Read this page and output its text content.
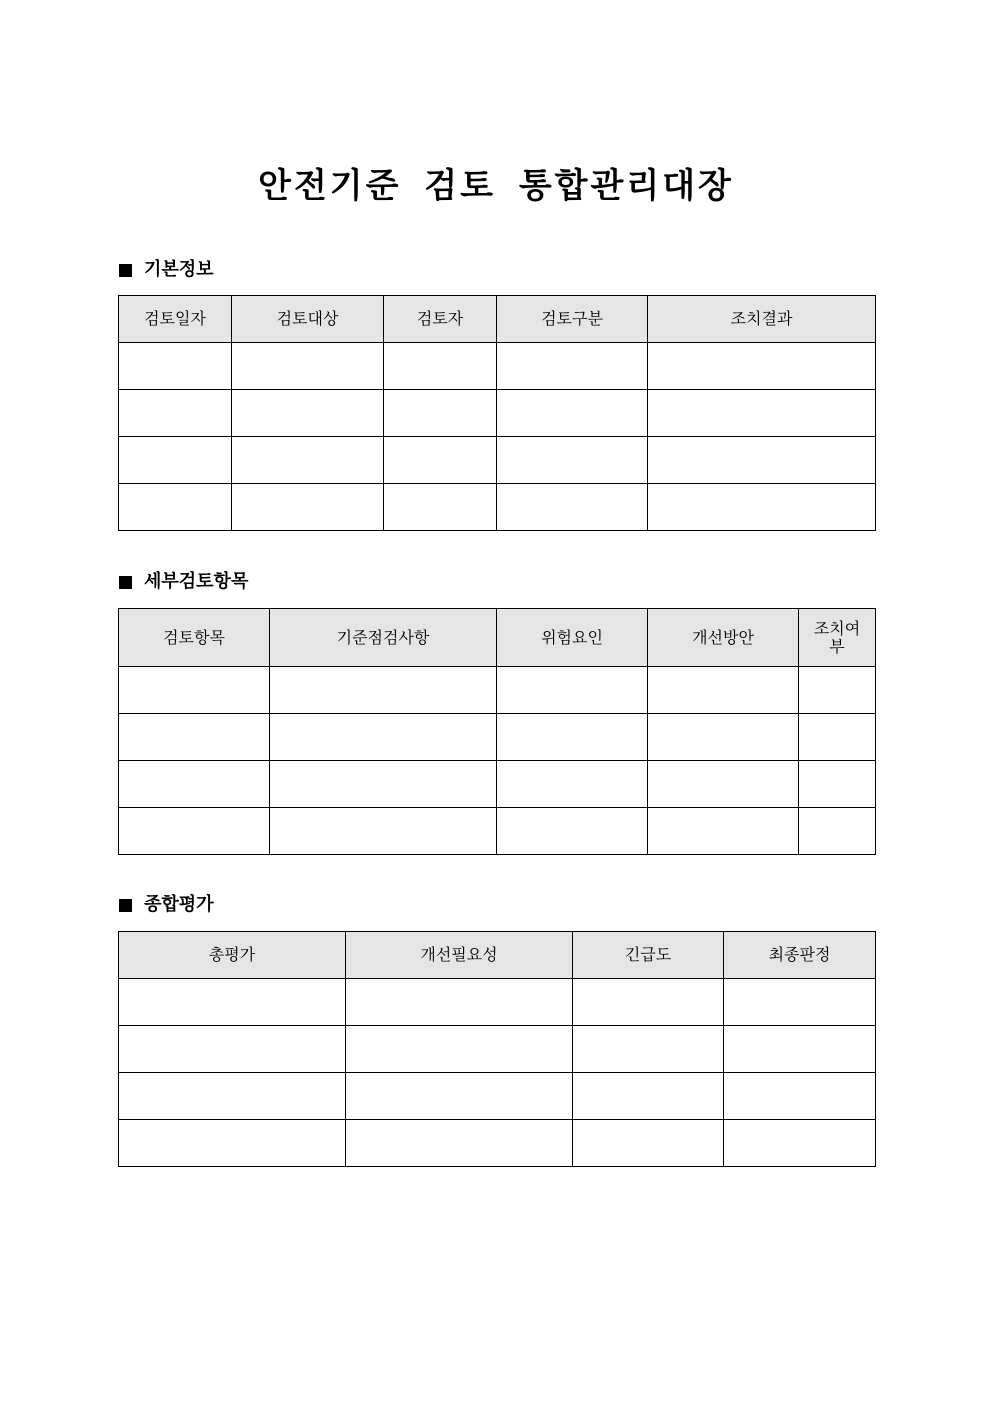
안전기준 검토 통합관리대장
기본정보
검토일자	검토대상	검토자	검토구분	조치결과

세부검토항목
검토항목	기준점검사항	위험요인	개선방안	조치여부

종합평가
총평가	개선필요성	긴급도	최종판정
